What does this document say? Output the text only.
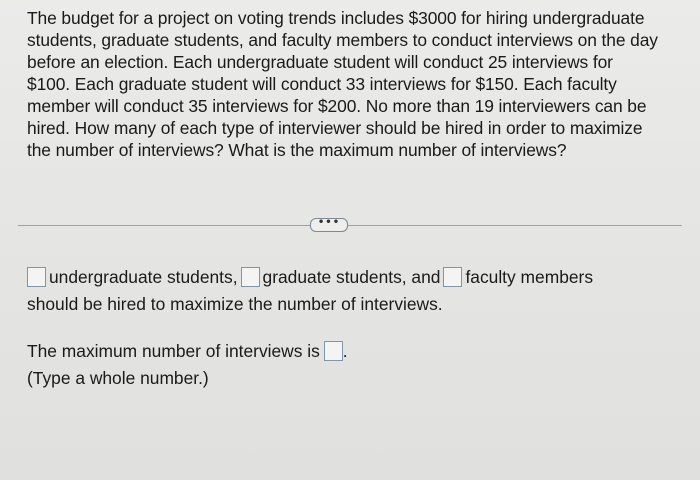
The budget for a project on voting trends includes $3000 for hiring undergraduate
students, graduate students, and faculty members to conduct interviews on the day
before an election. Each undergraduate student will conduct 25 interviews for
$100. Each graduate student will conduct 33 interviews for $150. Each faculty
member will conduct 35 interviews for $200. No more than 19 interviewers can be
hired. How many of each type of interviewer should be hired in order to maximize
the number of interviews? What is the maximum number of interviews?
•••
undergraduate students, graduate students, and faculty members
should be hired to maximize the number of interviews.
The maximum number of interviews is .
(Type a whole number.)
